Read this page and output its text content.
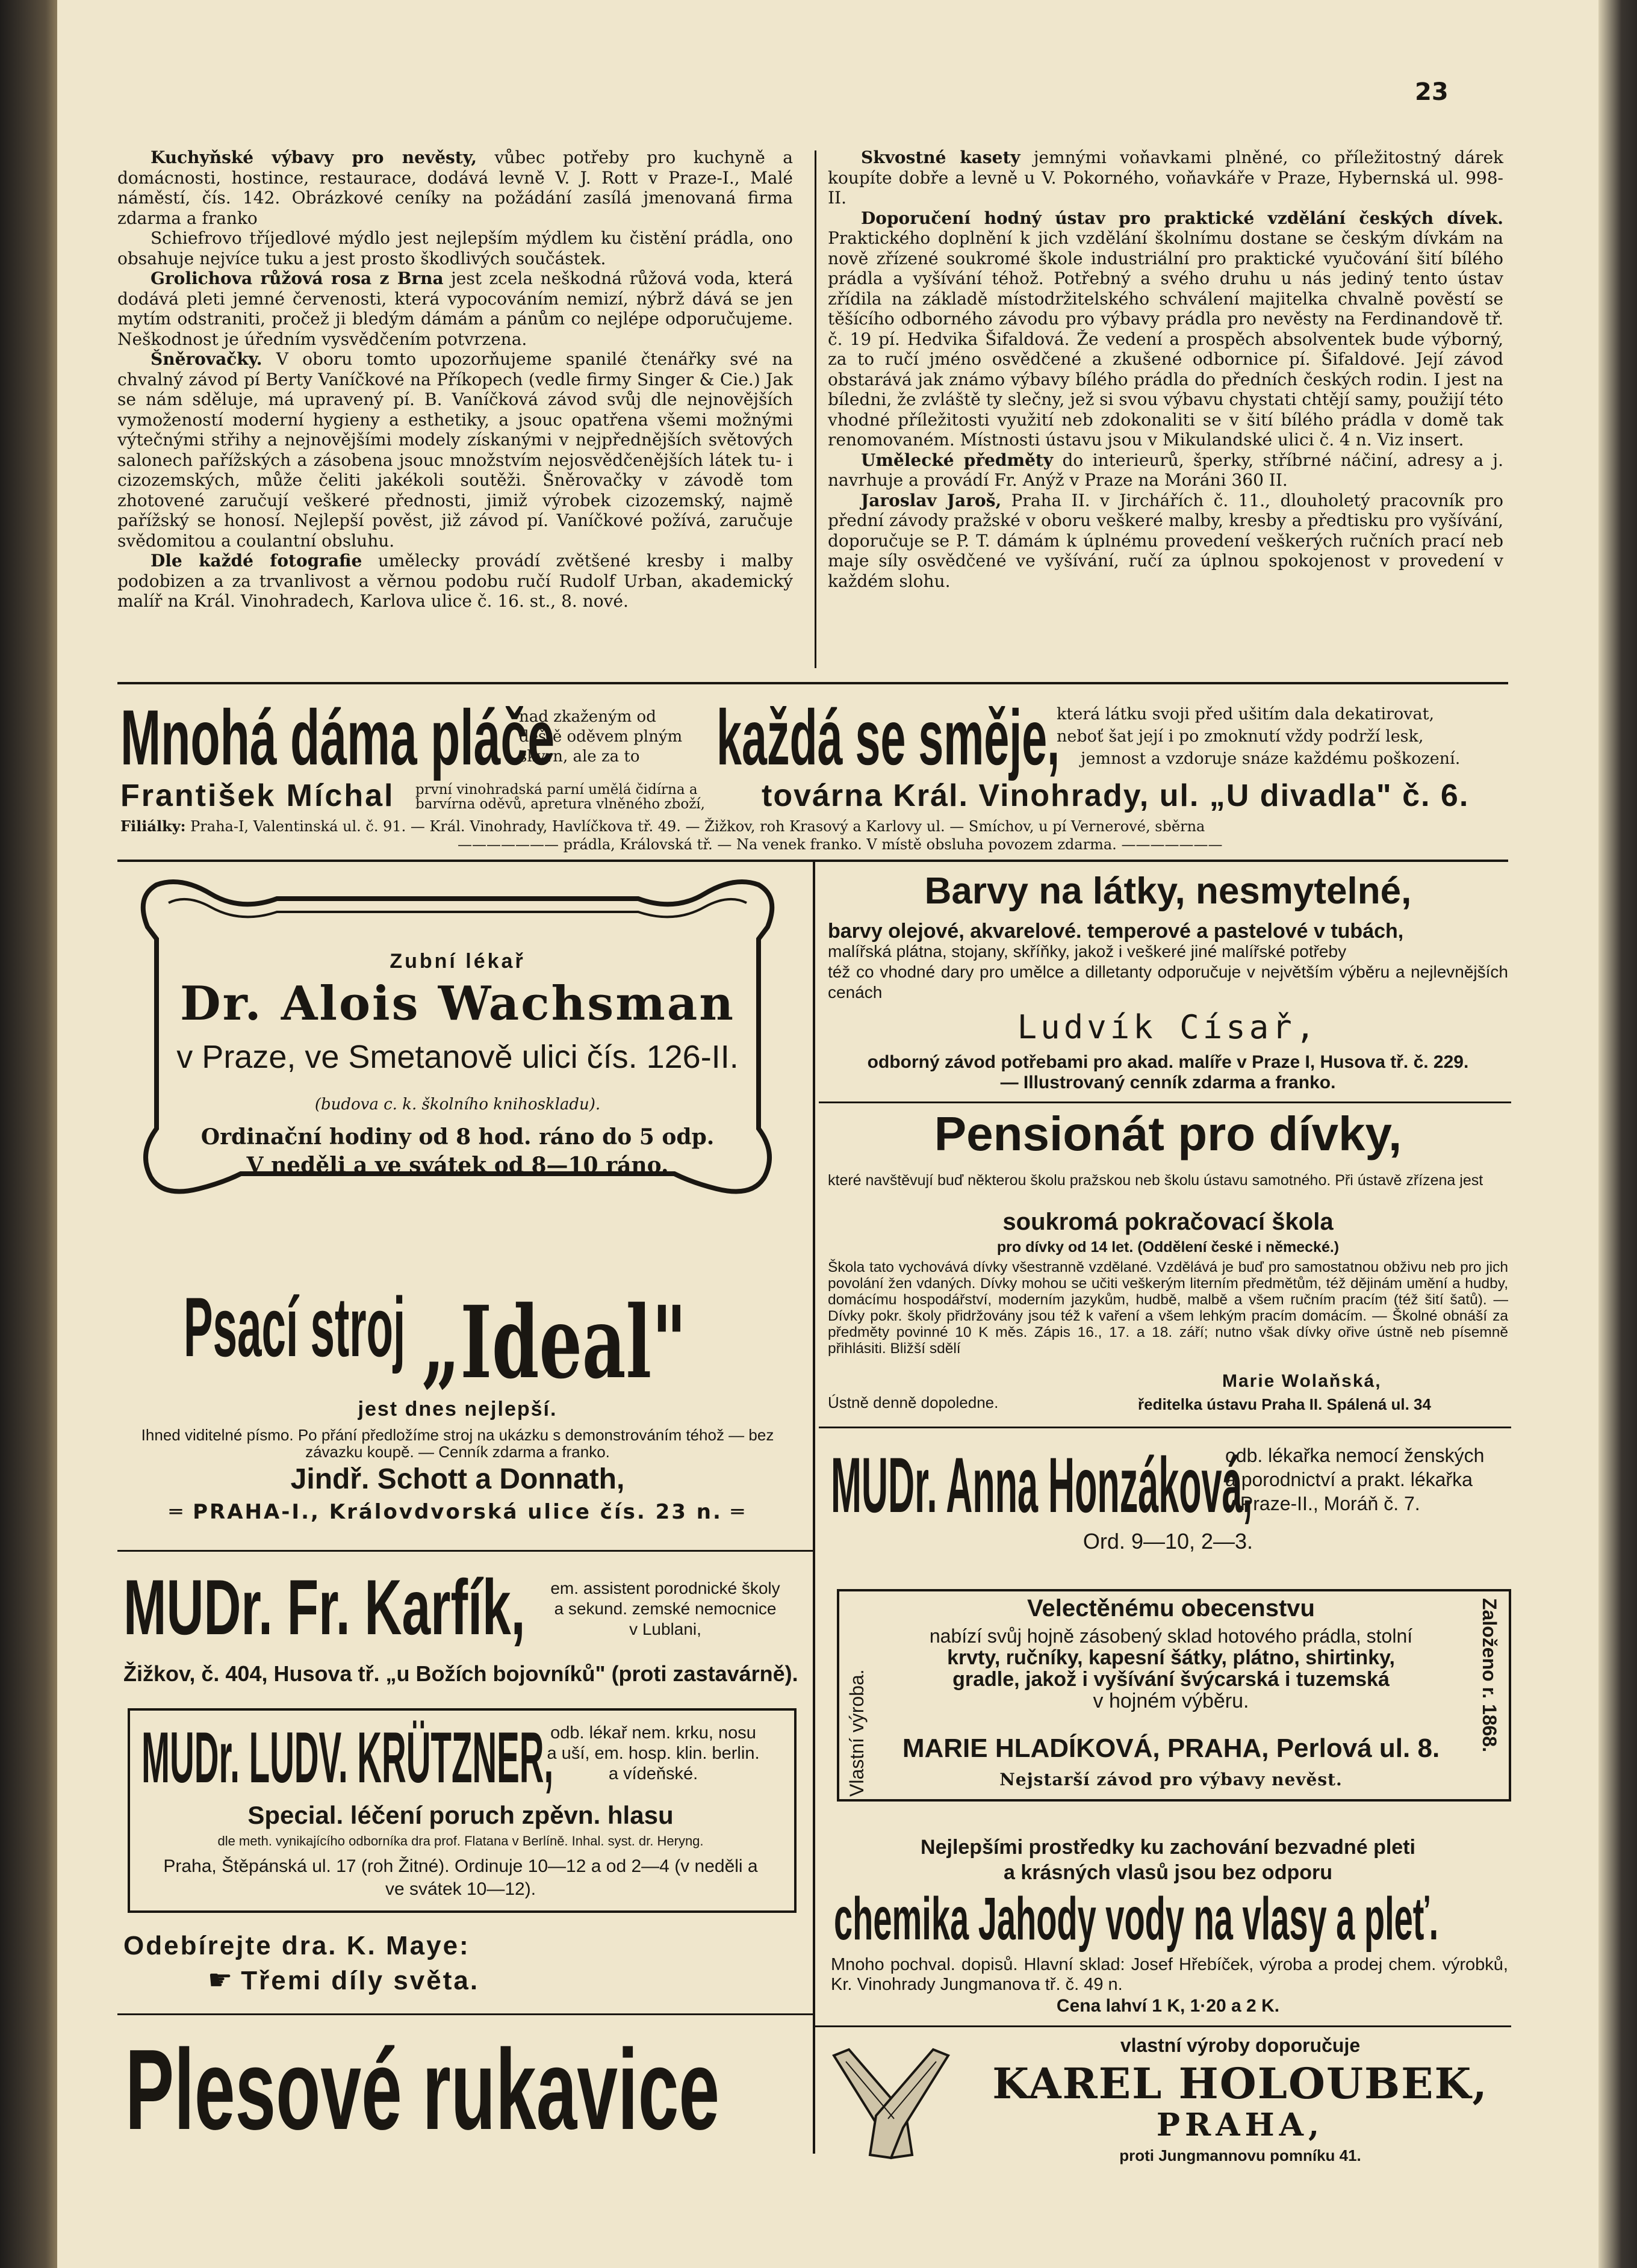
23

Kuchyňské výbavy pro nevěsty, vůbec potřeby pro kuchyně a domácnosti, hostince, restaurace, dodává levně V. J. Rott v Praze-I., Malé náměstí, čís. 142. Obrázkové ceníky na požádání zasílá jmenovaná firma zdarma a franko

Schiefrovo tříjedlové mýdlo jest nejlepším mýdlem ku čistění prádla, ono obsahuje nejvíce tuku a jest prosto škodlivých součástek.

Grolichova růžová rosa z Brna jest zcela neškodná růžová voda, která dodává pleti jemné červenosti, která vypocováním nemizí, nýbrž dává se jen mytím odstraniti, pročež ji bledým dámám a pánům co nejlépe odporučujeme. Neškodnost je úředním vysvědčením potvrzena.

Šněrovačky. V oboru tomto upozorňujeme spanilé čtenářky své na chvalný závod pí Berty Vaníčkové na Příkopech (vedle firmy Singer & Cie.) Jak se nám sděluje, má upravený pí. B. Vaníčková závod svůj dle nejnovějších vymožeností moderní hygieny a esthetiky, a jsouc opatřena všemi možnými výtečnými střihy a nejnovějšími modely získanými v nejpřednějších světových salonech pařížských a zásobena jsouc množstvím nejosvědčenějších látek tu- i cizozemských, může čeliti jakékoli soutěži. Šněrovačky v závodě tom zhotovené zaručují veškeré přednosti, jimiž výrobek cizozemský, najmě pařížský se honosí. Nejlepší pověst, již závod pí. Vaníčkové požívá, zaručuje svědomitou a coulantní obsluhu.

Dle každé fotografie umělecky provádí zvětšené kresby i malby podobizen a za trvanlivost a věrnou podobu ručí Rudolf Urban, akademický malíř na Král. Vinohradech, Karlova ulice č. 16. st., 8. nové.

Skvostné kasety jemnými voňavkami plněné, co příležitostný dárek koupíte dobře a levně u V. Pokorného, voňavkáře v Praze, Hybernská ul. 998-II.

Doporučení hodný ústav pro praktické vzdělání českých dívek. Praktického doplnění k jich vzdělání školnímu dostane se českým dívkám na nově zřízené soukromé škole industriální pro praktické vyučování šití bílého prádla a vyšívání téhož. Potřebný a svého druhu u nás jediný tento ústav zřídila na základě místodržitelského schválení majitelka chvalně pověstí se těšícího odborného závodu pro výbavy prádla pro nevěsty na Ferdinandově tř. č. 19 pí. Hedvika Šifaldová. Že vedení a prospěch absolventek bude výborný, za to ručí jméno osvědčené a zkušené odbornice pí. Šifaldové. Její závod obstarává jak známo výbavy bílého prádla do předních českých rodin. I jest na bíledni, že zvláště ty slečny, jež si svou výbavu chystati chtějí samy, použijí této vhodné příležitosti využití neb zdokonaliti se v šití bílého prádla v domě tak renomovaném. Místnosti ústavu jsou v Mikulandské ulici č. 4 n. Viz insert.

Umělecké předměty do interieurů, šperky, stříbrné náčiní, adresy a j. navrhuje a provádí Fr. Anýž v Praze na Moráni 360 II.

Jaroslav Jaroš, Praha II. v Jirchářích č. 11., dlouholetý pracovník pro přední závody pražské v oboru veškeré malby, kresby a předtisku pro vyšívání, doporučuje se P. T. dámám k úplnému provedení veškerých ručních prací neb maje síly osvědčené ve vyšívání, ručí za úplnou spokojenost v provedení v každém slohu.

Mnohá dáma pláče
nad zkaženým od
deště oděvem plným
skvrn, ale za to každá se směje,
která látku svoji před ušitím dala dekatirovat,
neboť šat její i po zmoknutí vždy podrží lesk,
jemnost a vzdoruje snáze každému poškození.
František Míchal první vinohradská parní umělá čidírna a
barvírna oděvů, apretura vlněného zboží,	továrna Král. Vinohrady, ul. „U divadla" č. 6.
Filiálky: Praha-I, Valentinská ul. č. 91. — Král. Vinohrady, Havlíčkova tř. 49. — Žižkov, roh Krasový a Karlovy ul. — Smíchov, u pí Vernerové, sběrna
——————— prádla, Královská tř. — Na venek franko. V místě obsluha povozem zdarma. ———————
Zubní lékař
Dr. Alois Wachsman
v Praze, ve Smetanově ulici čís. 126-II.
(budova c. k. školního knihoskladu).
Ordinační hodiny od 8 hod. ráno do 5 odp.
V neděli a ve svátek od 8—10 ráno.
Barvy na látky, nesmytelné,
barvy olejové, akvarelové. temperové a pastelové v tubách,
malířská plátna, stojany, skříňky, jakož i veškeré jiné malířské potřeby
též co vhodné dary pro umělce a dilletanty odporučuje v největším výběru a nejlevnějších cenách
Ludvík Císař,
odborný závod potřebami pro akad. malíře v Praze I, Husova tř. č. 229. — Illustrovaný cenník zdarma a franko.
Pensionát pro dívky,
které navštěvují buď některou školu pražskou neb školu ústavu samotného. Při ústavě zřízena jest
soukromá pokračovací škola
pro dívky od 14 let. (Oddělení české i německé.)
Škola tato vychovává dívky všestranně vzdělané. Vzdělává je buď pro samostatnou obživu neb pro jich povolání žen vdaných. Dívky mohou se učiti veškerým literním předmětům, též dějinám umění a hudby, domácímu hospodářství, moderním jazykům, hudbě, malbě a všem ručním pracím (též šití šatů). — Dívky pokr. školy přidržovány jsou též k vaření a všem lehkým pracím domácím. — Školné obnáší za předměty povinné 10 K měs. Zápis 16., 17. a 18. září; nutno však dívky ořive ústně neb písemně přihlásiti. Bližší sdělí
Marie Wolaňská,
Ústně denně dopoledne.	ředitelka ústavu Praha II. Spálená ul. 34
Psací stroj „Ideal"
jest dnes nejlepší.
Ihned viditelné písmo. Po přání předložíme stroj na ukázku s demonstrováním téhož — bez závazku koupě. — Cenník zdarma a franko.
Jindř. Schott a Donnath,
═ PRAHA-I., Královdvorská ulice čís. 23 n. ═	MUDr. Anna Honzáková,
odb. lékařka nemocí ženských
a porodnictví a prakt. lékařka
v Praze-II., Moráň č. 7.
Ord. 9—10, 2—3.
MUDr. Fr. Karfík,	em. assistent porodnické školy
a sekund. zemské nemocnice
v Lublani,
Žižkov, č. 404, Husova tř. „u Božích bojovníků" (proti zastavárně).
MUDr. LUDV. KRÜTZNER,
odb. lékař nem. krku, nosu
a uší, em. hosp. klin. berlin.
a vídeňské.
Special. léčení poruch zpěvn. hlasu
dle meth. vynikajícího odborníka dra prof. Flatana v Berlíně. Inhal. syst. dr. Heryng.
Praha, Štěpánská ul. 17 (roh Žitné). Ordinuje 10—12 a od 2—4 (v neděli a ve svátek 10—12).
Odebírejte dra. K. Maye:
☛ Třemi díly světa.
Vlastní výroba.	Založeno r. 1868.
Velectěnému obecenstvu
nabízí svůj hojně zásobený sklad hotového prádla, stolní
krvty, ručníky, kapesní šátky, plátno, shirtinky,
gradle, jakož i vyšívání švýcarská i tuzemská
v hojném výběru.
MARIE HLADÍKOVÁ, PRAHA, Perlová ul. 8.
Nejstarší závod pro výbavy nevěst.
Nejlepšími prostředky ku zachování bezvadné pleti
a krásných vlasů jsou bez odporu
chemika Jahody vody na vlasy a pleť.
Mnoho pochval. dopisů. Hlavní sklad: Josef Hřebíček, výroba a prodej chem. výrobků, Kr. Vinohrady Jungmanova tř. č. 49 n.
Cena lahví 1 K, 1·20 a 2 K.
Plesové rukavice	vlastní výroby doporučuje
KAREL HOLOUBEK,
PRAHA,
proti Jungmannovu pomníku 41.
